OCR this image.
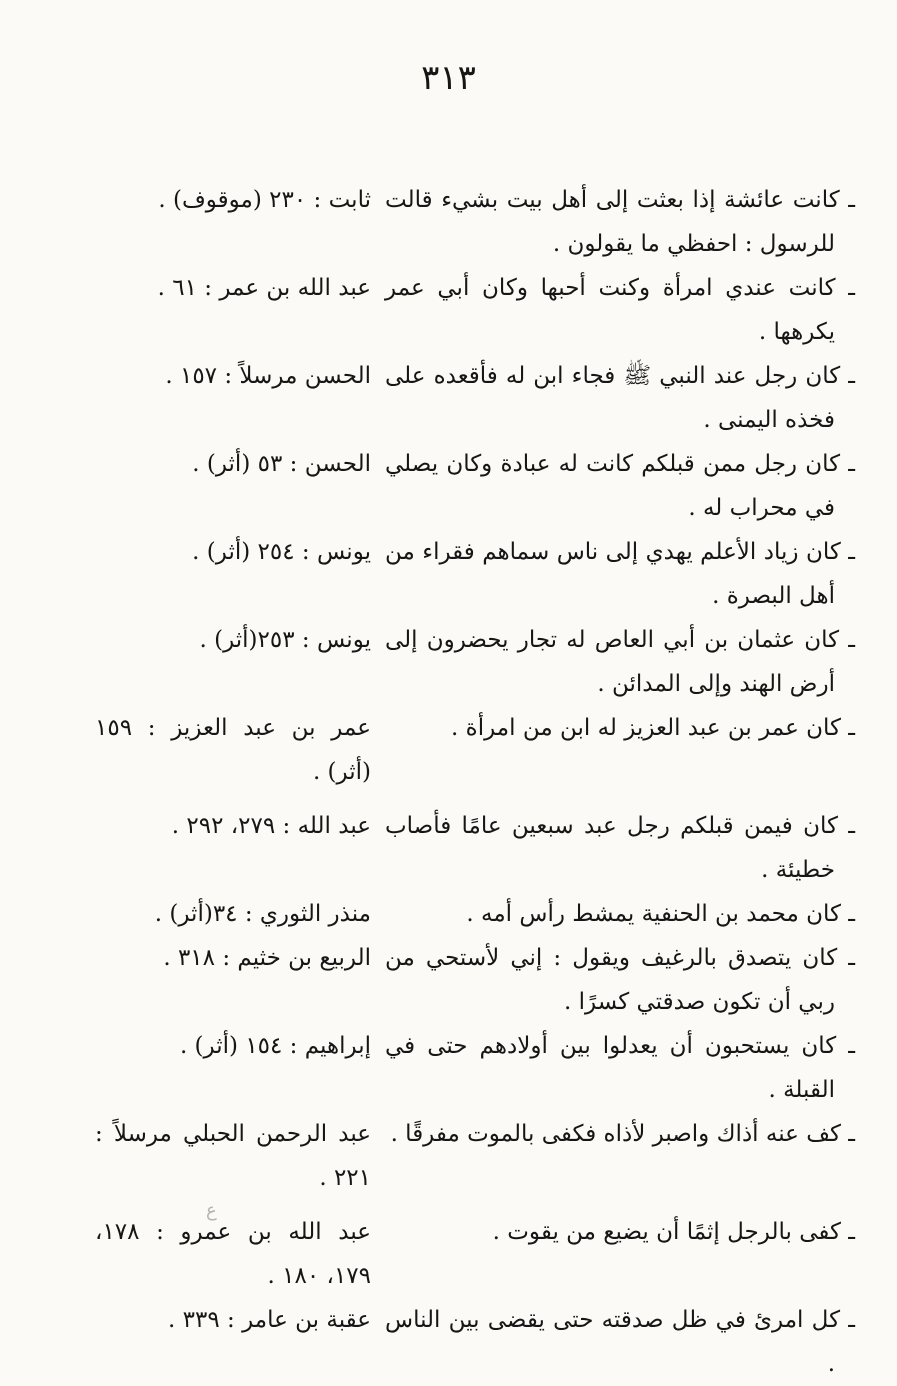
٣١٣
ـ كانت عائشة إذا بعثت إلى أهل بيت بشيء قالت للرسول : احفظي ما يقولون .
ثابت : ٢٣٠ (موقوف) .
ـ كانت عندي امرأة وكنت أحبها وكان أبي عمر يكرهها .
عبد الله بن عمر : ٦١ .
ـ كان رجل عند النبي ﷺ فجاء ابن له فأقعده على فخذه اليمنى .
الحسن مرسلاً : ١٥٧ .
ـ كان رجل ممن قبلكم كانت له عبادة وكان يصلي في محراب له .
الحسن : ٥٣ (أثر) .
ـ كان زياد الأعلم يهدي إلى ناس سماهم فقراء من أهل البصرة .
يونس : ٢٥٤ (أثر) .
ـ كان عثمان بن أبي العاص له تجار يحضرون إلى أرض الهند وإلى المدائن .
يونس : ٢٥٣(أثر) .
ـ كان عمر بن عبد العزيز له ابن من امرأة .
عمر بن عبد العزيز : ١٥٩ (أثر) .
ـ كان فيمن قبلكم رجل عبد سبعين عامًا فأصاب خطيئة .
عبد الله : ٢٧٩، ٢٩٢ .
ـ كان محمد بن الحنفية يمشط رأس أمه .
منذر الثوري : ٣٤(أثر) .
ـ كان يتصدق بالرغيف ويقول : إني لأستحي من ربي أن تكون صدقتي كسرًا .
الربيع بن خثيم : ٣١٨ .
ـ كان يستحبون أن يعدلوا بين أولادهم حتى في القبلة .
إبراهيم : ١٥٤ (أثر) .
ـ كف عنه أذاك واصبر لأذاه فكفى بالموت مفرقًا .
عبد الرحمن الحبلي مرسلاً : ٢٢١ .
ـ كفى بالرجل إثمًا أن يضيع من يقوت .
عبد الله بن عمرو : ١٧٨، ١٧٩، ١٨٠ .
ـ كل امرئ في ظل صدقته حتى يقضى بين الناس .
عقبة بن عامر : ٣٣٩ .
ع
